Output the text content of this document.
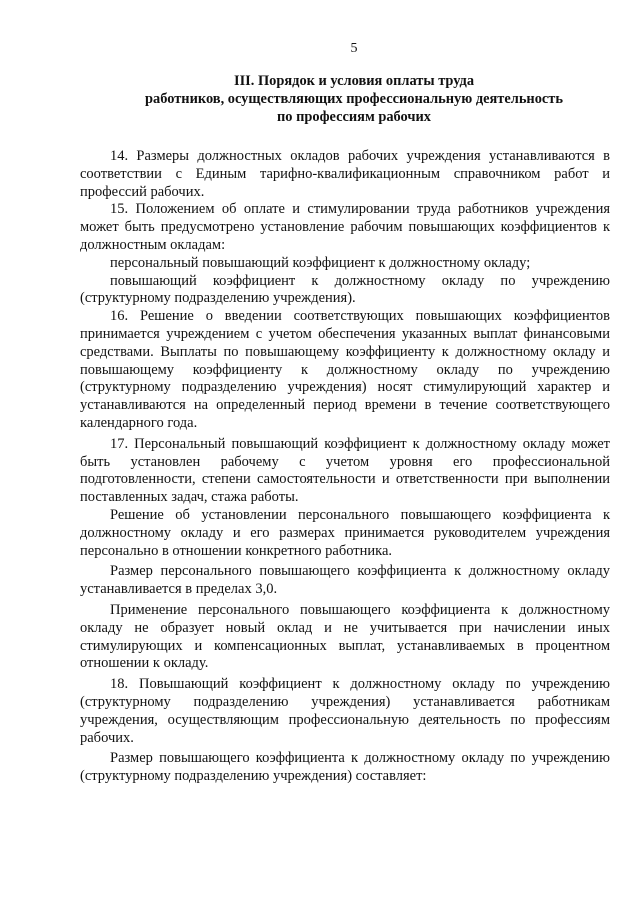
5
III. Порядок и условия оплаты труда
работников, осуществляющих профессиональную деятельность
по профессиям рабочих

14. Размеры должностных окладов рабочих учреждения устанавливаются в соответствии с Единым тарифно-квалификационным справочником работ и профессий рабочих.

15. Положением об оплате и стимулировании труда работников учреждения может быть предусмотрено установление рабочим повышающих коэффициентов к должностным окладам:

персональный повышающий коэффициент к должностному окладу;

повышающий коэффициент к должностному окладу по учреждению (структурному подразделению учреждения).

16. Решение о введении соответствующих повышающих коэффициентов принимается учреждением с учетом обеспечения указанных выплат финансовыми средствами. Выплаты по повышающему коэффициенту к должностному окладу и повышающему коэффициенту к должностному окладу по учреждению (структурному подразделению учреждения) носят стимулирующий характер и устанавливаются на определенный период времени в течение соответствующего календарного года.

17. Персональный повышающий коэффициент к должностному окладу может быть установлен рабочему с учетом уровня его профессиональной подготовленности, степени самостоятельности и ответственности при выполнении поставленных задач, стажа работы.

Решение об установлении персонального повышающего коэффициента к должностному окладу и его размерах принимается руководителем учреждения персонально в отношении конкретного работника.

Размер персонального повышающего коэффициента к должностному окладу устанавливается в пределах 3,0.

Применение персонального повышающего коэффициента к должностному окладу не образует новый оклад и не учитывается при начислении иных стимулирующих и компенсационных выплат, устанавливаемых в процентном отношении к окладу.

18. Повышающий коэффициент к должностному окладу по учреждению (структурному подразделению учреждения) устанавливается работникам учреждения, осуществляющим профессиональную деятельность по профессиям рабочих.

Размер повышающего коэффициента к должностному окладу по учреждению (структурному подразделению учреждения) составляет:
